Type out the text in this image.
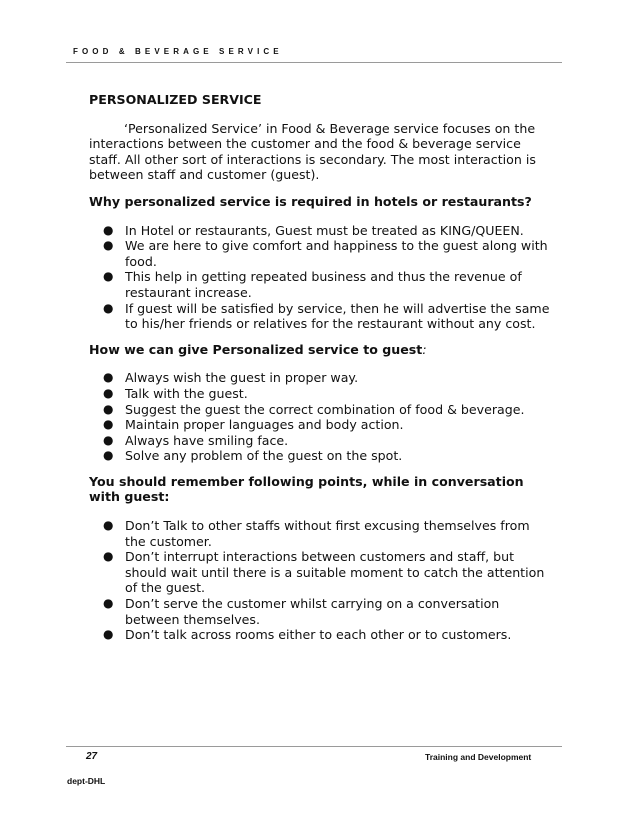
FOOD & BEVERAGE SERVICE
PERSONALIZED SERVICE

‘Personalized Service’ in Food & Beverage service focuses on the interactions between the customer and the food & beverage service staff. All other sort of interactions is secondary. The most interaction is between staff and customer (guest).

Why personalized service is required in hotels or restaurants?
● In Hotel or restaurants, Guest must be treated as KING/QUEEN.
● We are here to give comfort and happiness to the guest along with food.
● This help in getting repeated business and thus the revenue of restaurant increase.
● If guest will be satisfied by service, then he will advertise the same to his/her friends or relatives for the restaurant without any cost.
How we can give Personalized service to guest:
● Always wish the guest in proper way.
● Talk with the guest.
● Suggest the guest the correct combination of food & beverage.
● Maintain proper languages and body action.
● Always have smiling face.
● Solve any problem of the guest on the spot.
You should remember following points, while in conversation with guest:
● Don’t Talk to other staffs without first excusing themselves from the customer.
● Don’t interrupt interactions between customers and staff, but should wait until there is a suitable moment to catch the attention of the guest.
● Don’t serve the customer whilst carrying on a conversation between themselves.
● Don’t talk across rooms either to each other or to customers.
27	Training and Development
dept-DHL
